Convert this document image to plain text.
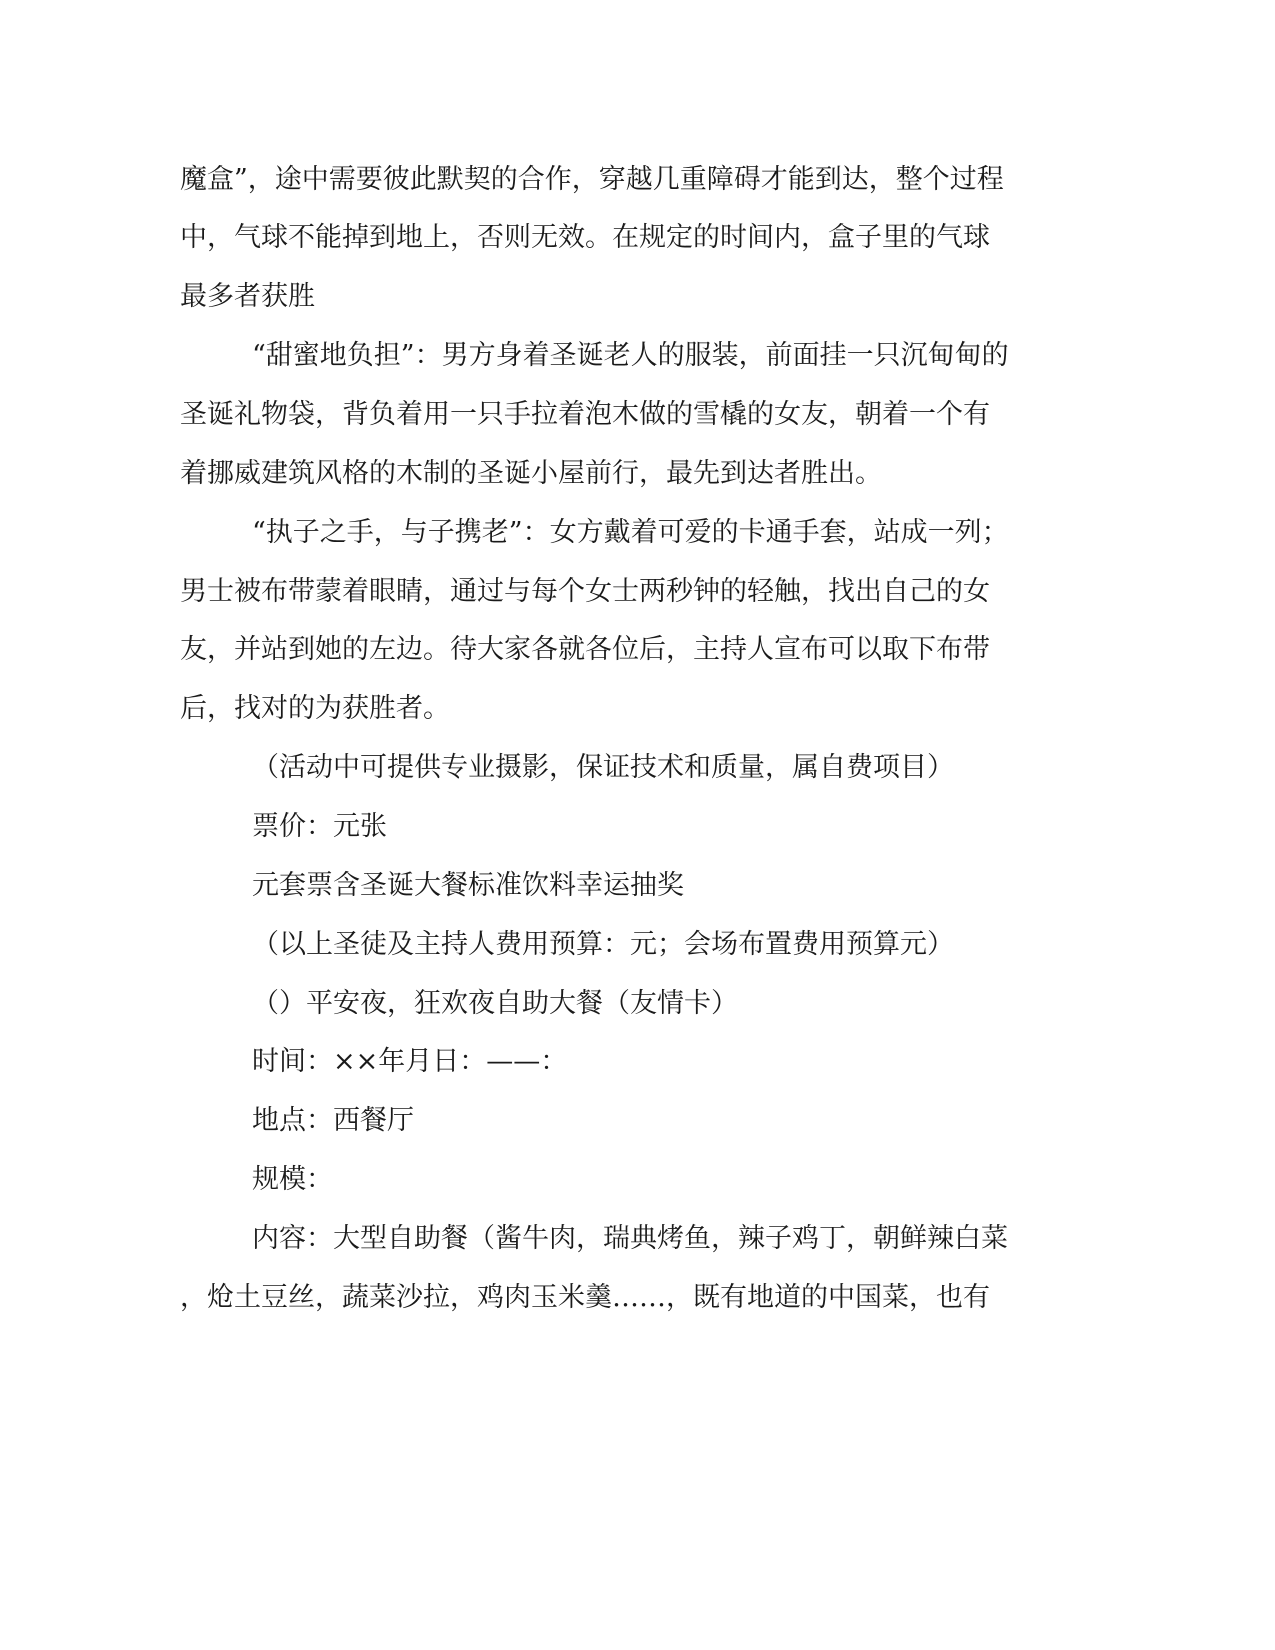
魔盒”，途中需要彼此默契的合作，穿越几重障碍才能到达，整个过程
中，气球不能掉到地上，否则无效。在规定的时间内，盒子里的气球
最多者获胜
“甜蜜地负担”：男方身着圣诞老人的服装，前面挂一只沉甸甸的
圣诞礼物袋，背负着用一只手拉着泡木做的雪橇的女友，朝着一个有
着挪威建筑风格的木制的圣诞小屋前行，最先到达者胜出。
“执子之手，与子携老”：女方戴着可爱的卡通手套，站成一列；
男士被布带蒙着眼睛，通过与每个女士两秒钟的轻触，找出自己的女
友，并站到她的左边。待大家各就各位后，主持人宣布可以取下布带
后，找对的为获胜者。
（活动中可提供专业摄影，保证技术和质量，属自费项目）
票价：元张
元套票含圣诞大餐标准饮料幸运抽奖
（以上圣徒及主持人费用预算：元；会场布置费用预算元）
（）平安夜，狂欢夜自助大餐（友情卡）
时间：××年月日：——：
地点：西餐厅
规模：
内容：大型自助餐（酱牛肉，瑞典烤鱼，辣子鸡丁，朝鲜辣白菜
，炝土豆丝，蔬菜沙拉，鸡肉玉米羹……，既有地道的中国菜，也有
